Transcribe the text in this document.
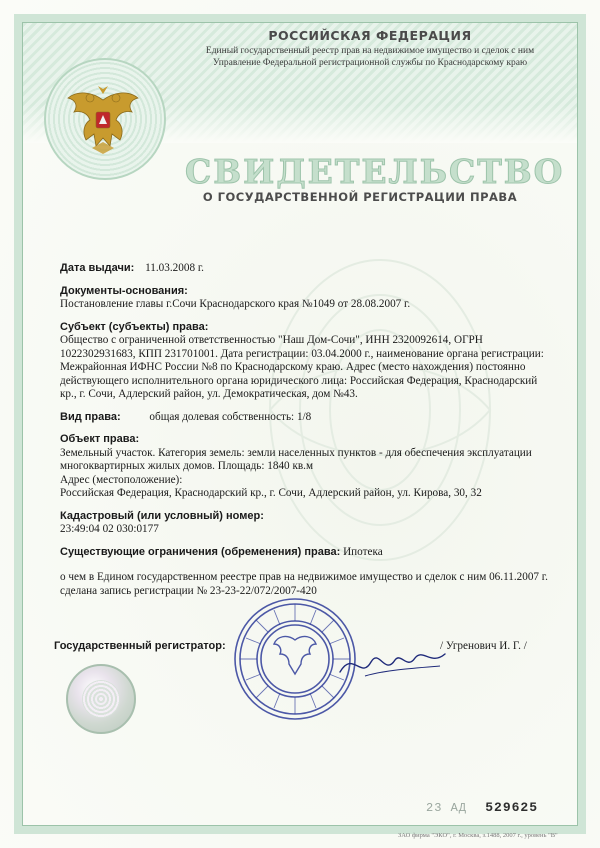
РОССИЙСКАЯ ФЕДЕРАЦИЯ
Единый государственный реестр прав на недвижимое имущество и сделок с ним
Управление Федеральной регистрационной службы по Краснодарскому краю
СВИДЕТЕЛЬСТВО
О ГОСУДАРСТВЕННОЙ РЕГИСТРАЦИИ ПРАВА
Дата выдачи: 11.03.2008 г.
Документы-основания:
Постановление главы г.Сочи Краснодарского края №1049 от 28.08.2007 г.
Субъект (субъекты) права:
Общество с ограниченной ответственностью "Наш Дом-Сочи", ИНН 2320092614, ОГРН 1022302931683, КПП 231701001. Дата регистрации: 03.04.2000 г., наименование органа регистрации: Межрайонная ИФНС России №8 по Краснодарскому краю. Адрес (место нахождения) постоянно действующего исполнительного органа юридического лица: Российская Федерация, Краснодарский кр., г. Сочи, Адлерский район, ул. Демократическая, дом №43.
Вид права:	общая долевая собственность: 1/8
Объект права:
Земельный участок. Категория земель: земли населенных пунктов - для обеспечения эксплуатации многоквартирных жилых домов. Площадь: 1840 кв.м
Адрес (местоположение):
Российская Федерация, Краснодарский кр., г. Сочи, Адлерский район, ул. Кирова, 30, 32
Кадастровый (или условный) номер:
23:49:04 02 030:0177
Существующие ограничения (обременения) права: Ипотека
о чем в Едином государственном реестре прав на недвижимое имущество и сделок с ним 06.11.2007 г. сделана запись регистрации № 23-23-22/072/2007-420
Государственный регистратор:	/ Угренович И. Г. /
23 АД 529625
ЗАО фирма "ЭКО", г. Москва, з.1488, 2007 г., уровень "В"
